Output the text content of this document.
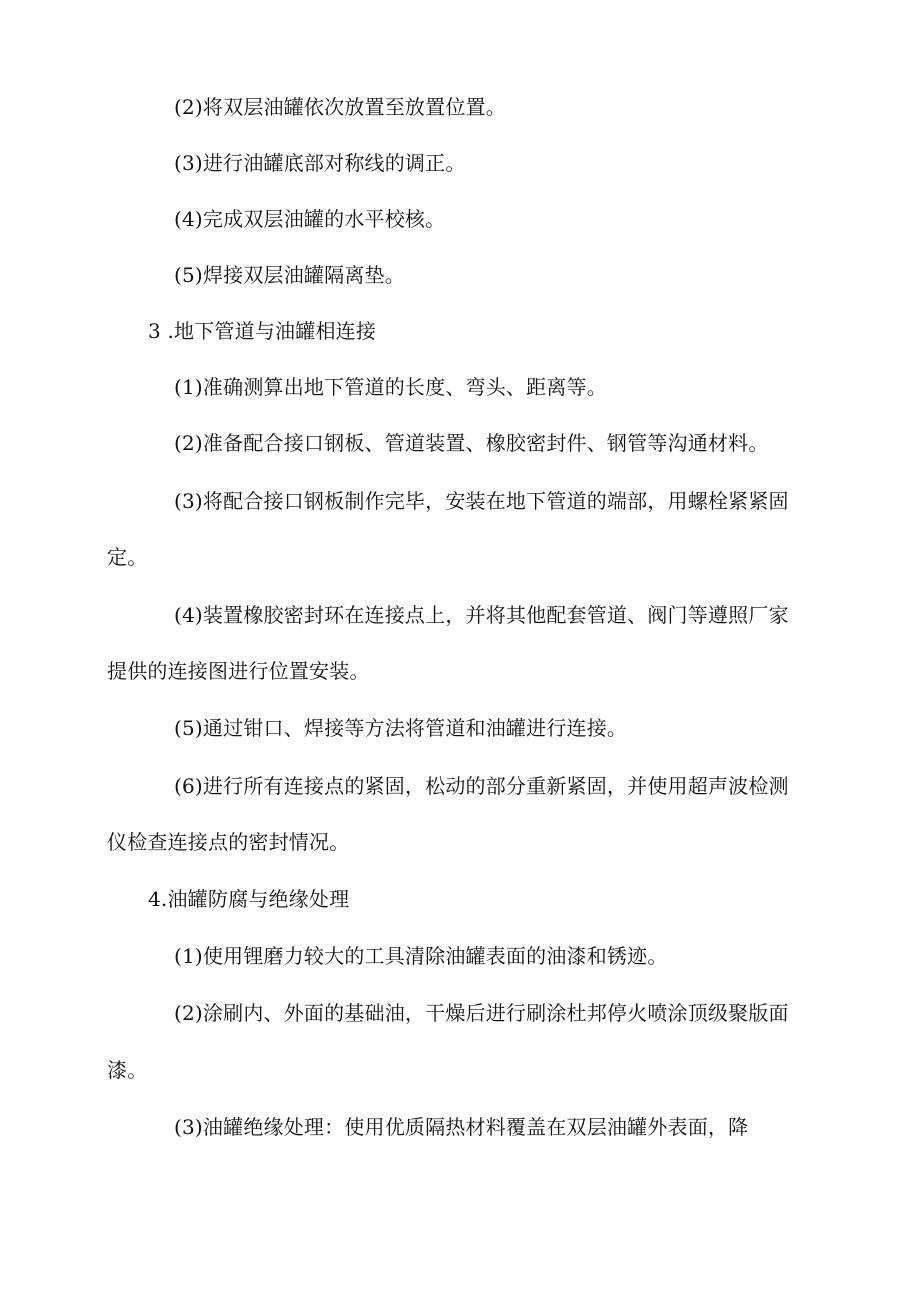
(2)将双层油罐依次放置至放置位置。
(3)进行油罐底部对称线的调正。
(4)完成双层油罐的水平校核。
(5)焊接双层油罐隔离垫。
3 .地下管道与油罐相连接
(1)准确测算出地下管道的长度、弯头、距离等。
(2)准备配合接口钢板、管道装置、橡胶密封件、钢管等沟通材料。
(3)将配合接口钢板制作完毕，安装在地下管道的端部，用螺栓紧紧固
定。
(4)装置橡胶密封环在连接点上，并将其他配套管道、阀门等遵照厂家
提供的连接图进行位置安装。
(5)通过钳口、焊接等方法将管道和油罐进行连接。
(6)进行所有连接点的紧固，松动的部分重新紧固，并使用超声波检测
仪检查连接点的密封情况。
4.油罐防腐与绝缘处理
(1)使用锂磨力较大的工具清除油罐表面的油漆和锈迹。
(2)涂刷内、外面的基础油，干燥后进行刷涂杜邦停火喷涂顶级聚版面
漆。
(3)油罐绝缘处理：使用优质隔热材料覆盖在双层油罐外表面，降
